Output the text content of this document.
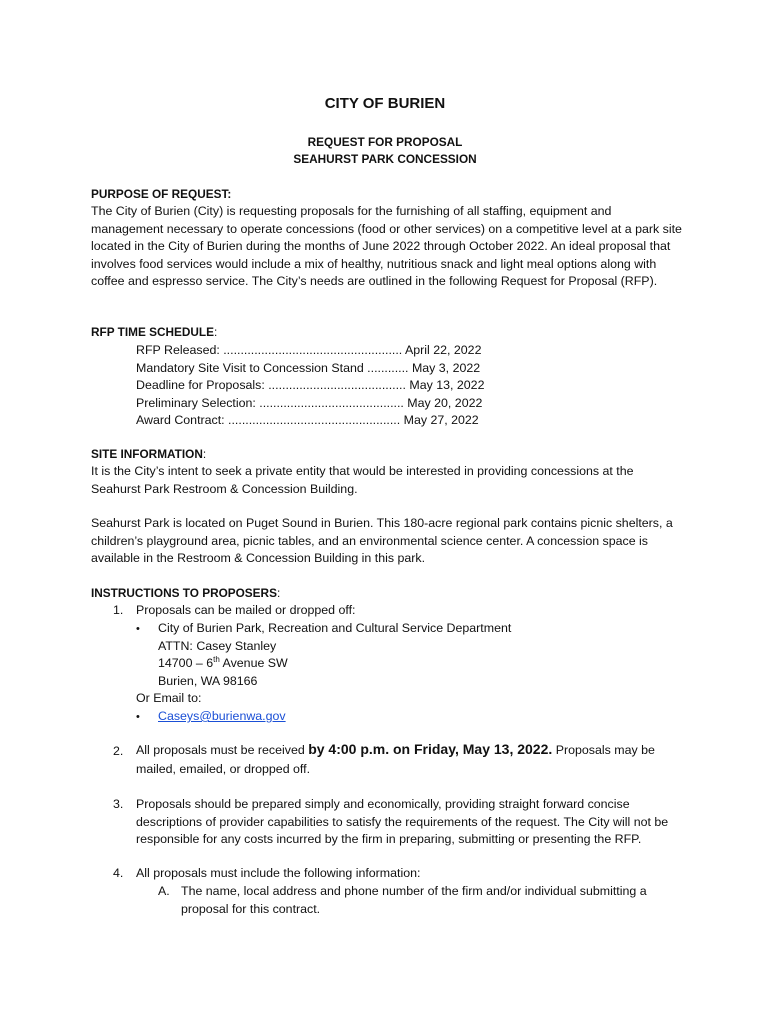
CITY OF BURIEN
REQUEST FOR PROPOSAL
SEAHURST PARK CONCESSION
PURPOSE OF REQUEST:

The City of Burien (City) is requesting proposals for the furnishing of all staffing, equipment and management necessary to operate concessions (food or other services) on a competitive level at a park site located in the City of Burien during the months of June 2022 through October 2022. An ideal proposal that involves food services would include a mix of healthy, nutritious snack and light meal options along with coffee and espresso service. The City’s needs are outlined in the following Request for Proposal (RFP).

RFP TIME SCHEDULE:
RFP Released: .................................................... April 22, 2022
Mandatory Site Visit to Concession Stand ............ May 3, 2022
Deadline for Proposals: ........................................ May 13, 2022
Preliminary Selection: .......................................... May 20, 2022
Award Contract: .................................................. May 27, 2022
SITE INFORMATION:

It is the City’s intent to seek a private entity that would be interested in providing concessions at the Seahurst Park Restroom & Concession Building.

Seahurst Park is located on Puget Sound in Burien. This 180-acre regional park contains picnic shelters, a children’s playground area, picnic tables, and an environmental science center. A concession space is available in the Restroom & Concession Building in this park.

INSTRUCTIONS TO PROPOSERS:
1. Proposals can be mailed or dropped off:
• City of Burien Park, Recreation and Cultural Service Department
ATTN: Casey Stanley
14700 – 6th Avenue SW
Burien, WA 98166
Or Email to:
• Caseys@burienwa.gov
2. All proposals must be received by 4:00 p.m. on Friday, May 13, 2022. Proposals may be
mailed, emailed, or dropped off.
3. Proposals should be prepared simply and economically, providing straight forward concise descriptions of provider capabilities to satisfy the requirements of the request. The City will not be responsible for any costs incurred by the firm in preparing, submitting or presenting the RFP.

4. All proposals must include the following information:
A. The name, local address and phone number of the firm and/or individual submitting a proposal for this contract.
